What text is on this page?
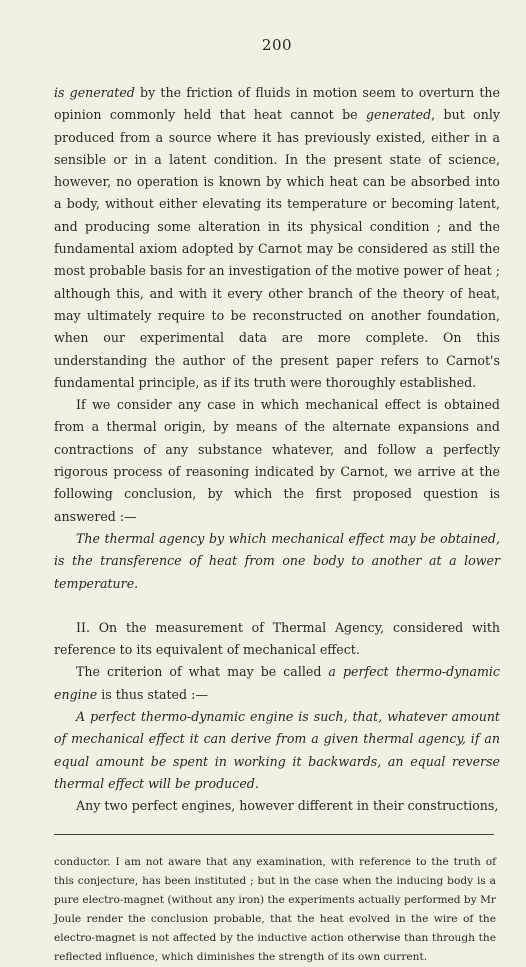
200

is generated by the friction of fluids in motion seem to overturn the opinion commonly held that heat cannot be generated, but only produced from a source where it has previously existed, either in a sensible or in a latent condition. In the present state of science, however, no operation is known by which heat can be absorbed into a body, without either elevating its temperature or becoming latent, and producing some alteration in its physical condition ; and the fundamental axiom adopted by Carnot may be considered as still the most probable basis for an investigation of the motive power of heat ; although this, and with it every other branch of the theory of heat, may ultimately require to be reconstructed on another foundation, when our experimental data are more complete. On this understanding the author of the present paper refers to Carnot's fundamental principle, as if its truth were thoroughly established.

If we consider any case in which mechanical effect is obtained from a thermal origin, by means of the alternate expansions and contractions of any substance whatever, and follow a perfectly rigorous process of reasoning indicated by Carnot, we arrive at the following conclusion, by which the first proposed question is answered :—

The thermal agency by which mechanical effect may be obtained, is the transference of heat from one body to another at a lower temperature.

II. On the measurement of Thermal Agency, considered with reference to its equivalent of mechanical effect.

The criterion of what may be called a perfect thermo-dynamic engine is thus stated :—

A perfect thermo-dynamic engine is such, that, whatever amount of mechanical effect it can derive from a given thermal agency, if an equal amount be spent in working it backwards, an equal reverse thermal effect will be produced.

Any two perfect engines, however different in their constructions,

conductor. I am not aware that any examination, with reference to the truth of this conjecture, has been instituted ; but in the case when the inducing body is a pure electro-magnet (without any iron) the experiments actually performed by Mr Joule render the conclusion probable, that the heat evolved in the wire of the electro-magnet is not affected by the inductive action otherwise than through the reflected influence, which diminishes the strength of its own current.
